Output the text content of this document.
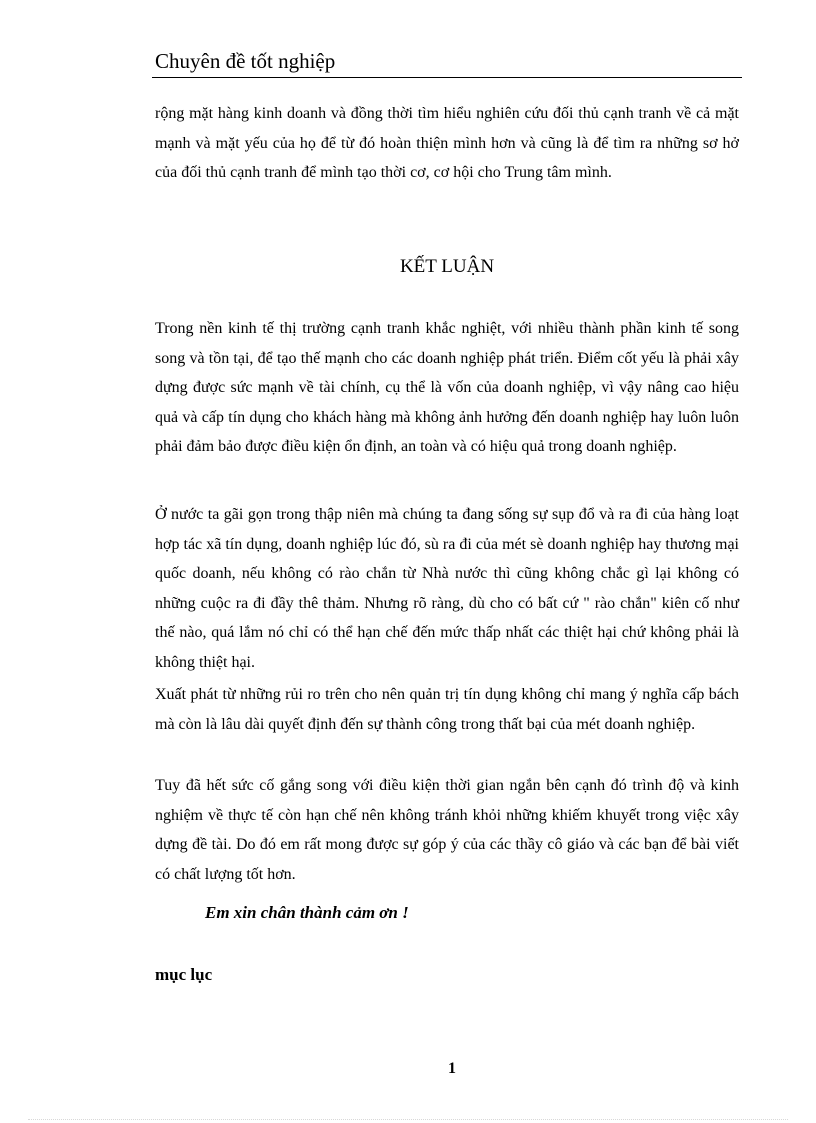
Chuyên đề tốt nghiệp

rộng mặt hàng kinh doanh và đồng thời tìm hiểu nghiên cứu đối thủ cạnh tranh về cả mặt mạnh và mặt yếu của họ để từ đó hoàn thiện mình hơn và cũng là để tìm ra những sơ hở của đối thủ cạnh tranh để mình tạo thời cơ, cơ hội cho Trung tâm mình.

KẾT LUẬN

Trong nền kinh tế thị trường cạnh tranh khắc nghiệt, với nhiều thành phần kinh tế song song và tồn tại, để tạo thế mạnh cho các doanh nghiệp phát triển. Điểm cốt yếu là phải xây dựng được sức mạnh về tài chính, cụ thể là vốn của doanh nghiệp, vì vậy nâng cao hiệu quả và cấp tín dụng cho khách hàng mà không ảnh hưởng đến doanh nghiệp hay luôn luôn phải đảm bảo được điều kiện ổn định, an toàn và có hiệu quả trong doanh nghiệp.

Ở nước ta gãi gọn trong thập niên mà chúng ta đang sống sự sụp đổ và ra đi của hàng loạt hợp tác xã tín dụng, doanh nghiệp lúc đó, sù ra đi của mét sè doanh nghiệp hay thương mại quốc doanh, nếu không có rào chắn từ Nhà nước thì cũng không chắc gì lại không có những cuộc ra đi đầy thê thảm. Nhưng rõ ràng, dù cho có bất cứ " rào chắn" kiên cố như thế nào, quá lắm nó chỉ có thể hạn chế đến mức thấp nhất các thiệt hại chứ không phải là không thiệt hại.

Xuất phát từ những rủi ro trên cho nên quản trị tín dụng không chỉ mang ý nghĩa cấp bách mà còn là lâu dài quyết định đến sự thành công trong thất bại của mét doanh nghiệp.

Tuy đã hết sức cố gắng song với điều kiện thời gian ngắn bên cạnh đó trình độ và kinh nghiệm về thực tế còn hạn chế nên không tránh khỏi những khiếm khuyết trong việc xây dựng đề tài. Do đó em rất mong được sự góp ý của các thầy cô giáo và các bạn để bài viết có chất lượng tốt hơn.

Em xin chân thành cảm ơn !
mục lục
1
